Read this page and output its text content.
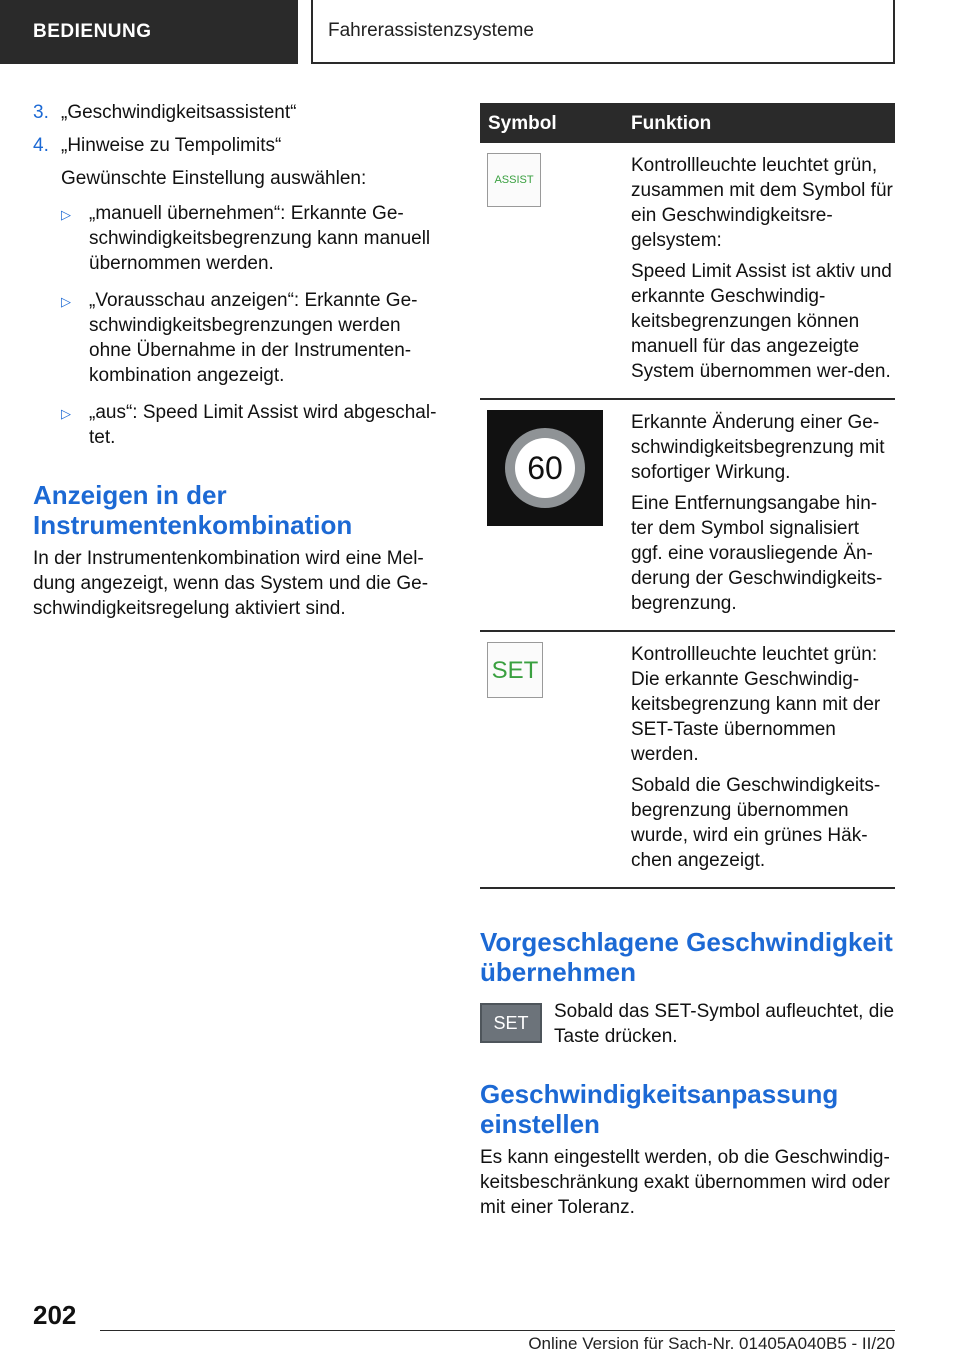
BEDIENUNG	Fahrerassistenzsysteme
3. „Geschwindigkeitsassistent“
4. „Hinweise zu Tempolimits“
Gewünschte Einstellung auswählen:
▷ „manuell übernehmen“: Erkannte Ge-schwindigkeitsbegrenzung kann manuell übernommen werden.
▷ „Vorausschau anzeigen“: Erkannte Ge-schwindigkeitsbegrenzungen werden ohne Übernahme in der Instrumenten-kombination angezeigt.
▷ „aus“: Speed Limit Assist wird abgeschal-tet.
Anzeigen in der Instrumentenkombination
In der Instrumentenkombination wird eine Mel-dung angezeigt, wenn das System und die Ge-schwindigkeitsregelung aktiviert sind.
Symbol	Funktion

ASSIST	Kontrollleuchte leuchtet grün, zusammen mit dem Symbol für ein Geschwindigkeitsre-gelsystem:

Speed Limit Assist ist aktiv und erkannte Geschwindig-keitsbegrenzungen können manuell für das angezeigte System übernommen wer-den.

60	Erkannte Änderung einer Ge-schwindigkeitsbegrenzung mit sofortiger Wirkung.

Eine Entfernungsangabe hin-ter dem Symbol signalisiert ggf. eine vorausliegende Än-derung der Geschwindigkeits-begrenzung.

SET	Kontrollleuchte leuchtet grün: Die erkannte Geschwindig-keitsbegrenzung kann mit der SET-Taste übernommen werden.

Sobald die Geschwindigkeits-begrenzung übernommen wurde, wird ein grünes Häk-chen angezeigt.

Vorgeschlagene Geschwindigkeit übernehmen
SET
Sobald das SET-Symbol aufleuchtet, die Taste drücken.
Geschwindigkeitsanpassung einstellen
Es kann eingestellt werden, ob die Geschwindig-keitsbeschränkung exakt übernommen wird oder mit einer Toleranz.
202
Online Version für Sach-Nr. 01405A040B5 - II/20
